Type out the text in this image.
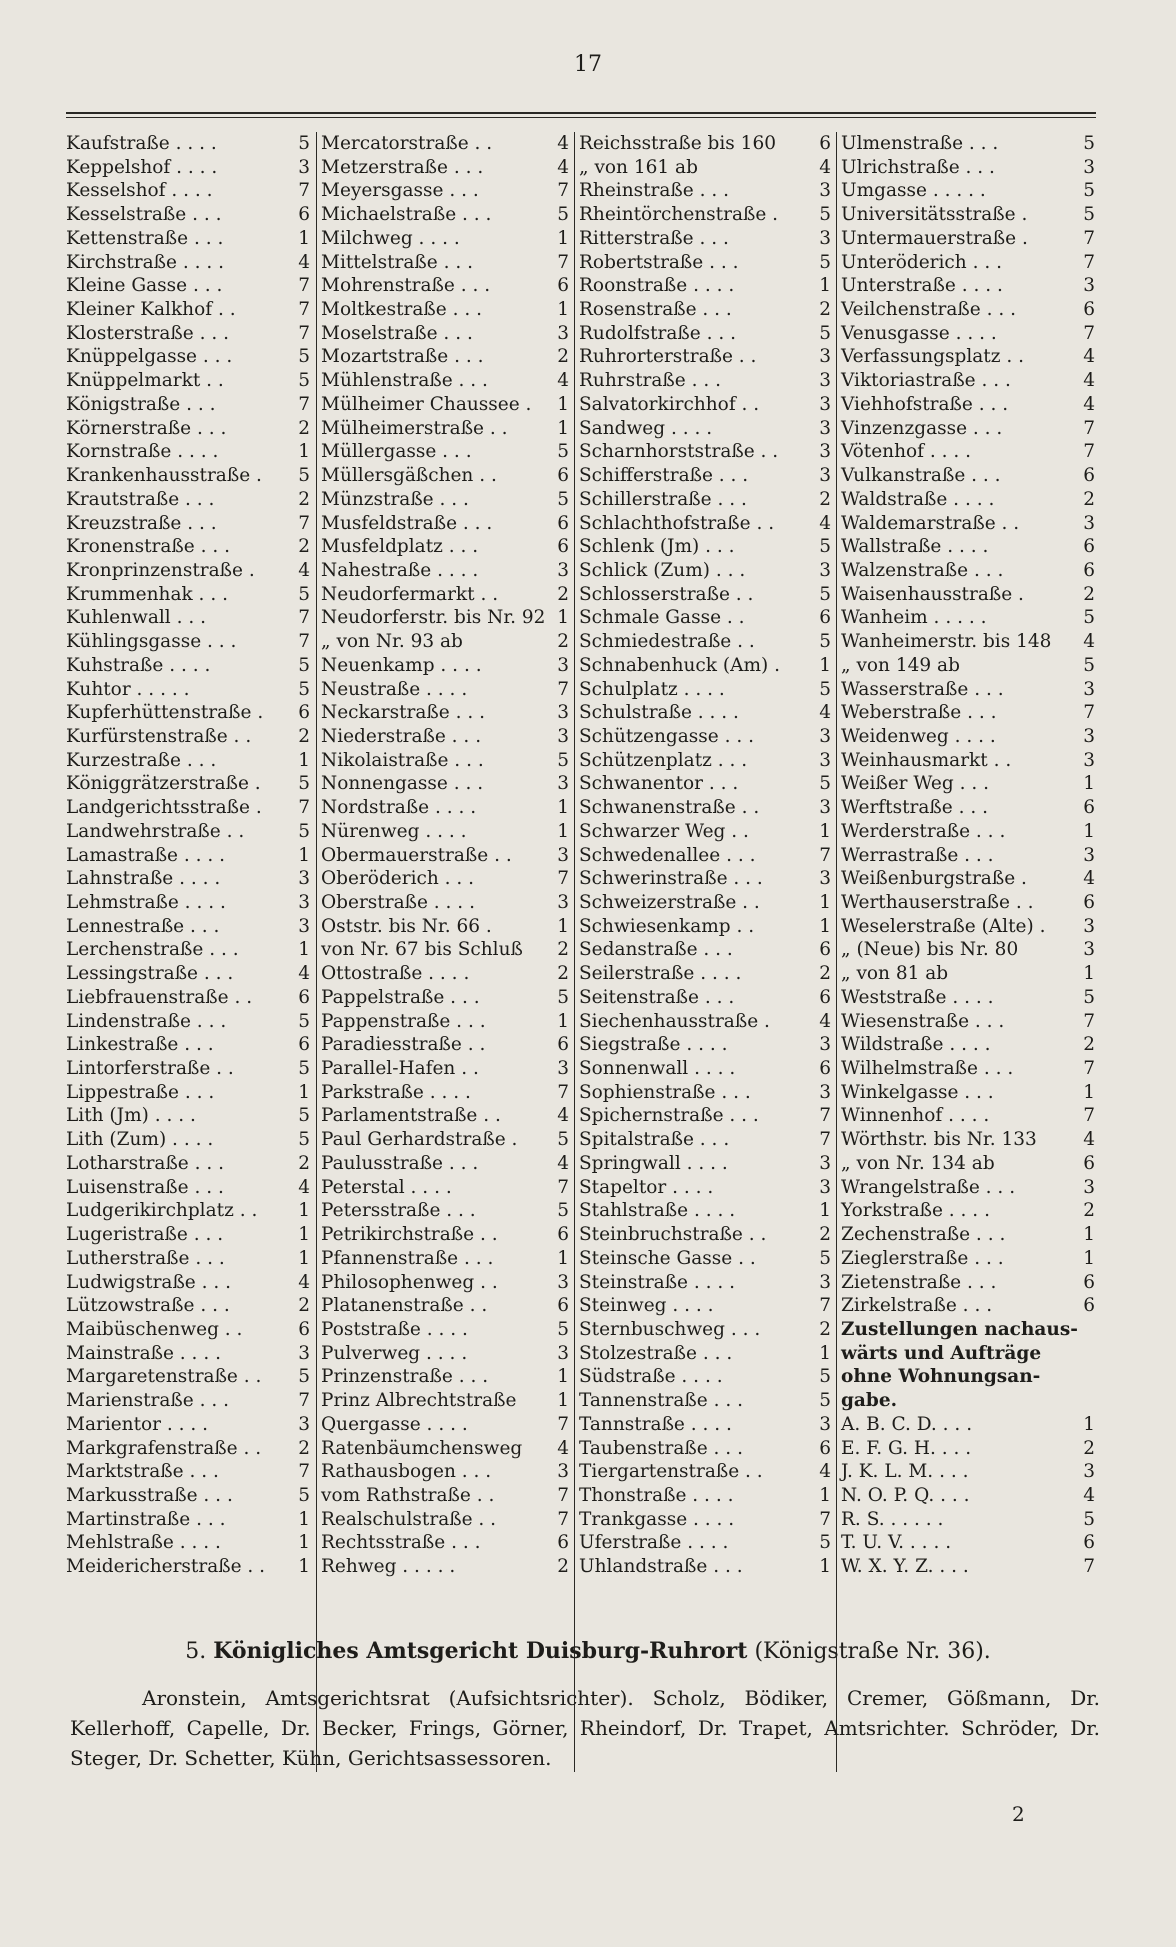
17
Kaufstraße . . . .	5
Keppelshof . . . .	3
Kesselshof . . . .	7
Kesselstraße . . .	6
Kettenstraße . . .	1
Kirchstraße . . . .	4
Kleine Gasse . . .	7
Kleiner Kalkhof . .	7
Klosterstraße . . .	7
Knüppelgasse . . .	5
Knüppelmarkt . .	5
Königstraße . . .	7
Körnerstraße . . .	2
Kornstraße . . . .	1
Krankenhausstraße . 5
Krautstraße . . .	2
Kreuzstraße . . .	7
Kronenstraße . . .	2
Kronprinzenstraße . 4
Krummenhak . . .	5
Kuhlenwall . . .	7
Kühlingsgasse . . .	7
Kuhstraße . . . .	5
Kuhtor . . . . .	5
Kupferhüttenstraße . 6
Kurfürstenstraße . .	2
Kurzestraße . . .	1
Königgrätzerstraße . 5
Landgerichtsstraße . 7
Landwehrstraße . .	5
Lamastraße . . . .	1
Lahnstraße . . . .	3
Lehmstraße . . . .	3
Lennestraße . . .	3
Lerchenstraße . . .	1
Lessingstraße . . .	4
Liebfrauenstraße . . 6
Lindenstraße . . .	5
Linkestraße . . .	6
Lintorferstraße . .	5
Lippestraße . . .	1
Lith (Jm) . . . .	5
Lith (Zum) . . . .	5
Lotharstraße . . .	2
Luisenstraße . . .	4
Ludgerikirchplatz . . 1
Lugeristraße . . .	1
Lutherstraße . . .	1
Ludwigstraße . . .	4
Lützowstraße . . .	2
Maibüschenweg . .	6
Mainstraße . . . .	3
Margaretenstraße . . 5
Marienstraße . . .	7
Marientor . . . .	3
Markgrafenstraße . . 2
Marktstraße . . .	7
Markusstraße . . .	5
Martinstraße . . .	1
Mehlstraße . . . .	1
Meidericherstraße . . 1
Mercatorstraße . .	4
Metzerstraße . . .	4
Meyersgasse . . .	7
Michaelstraße . . .	5
Milchweg . . . .	1
Mittelstraße . . .	7
Mohrenstraße . . .	6
Moltkestraße . . .	1
Moselstraße . . .	3
Mozartstraße . . .	2
Mühlenstraße . . .	4
Mülheimer Chaussee . 1
Mülheimerstraße . .	1
Müllergasse . . .	5
Müllersgäßchen . .	6
Münzstraße . . .	5
Musfeldstraße . . .	6
Musfeldplatz . . .	6
Nahestraße . . . .	3
Neudorfermarkt . .	2
Neudorferstr. bis Nr. 92 1
„ von Nr. 93 ab	2
Neuenkamp . . . .	3
Neustraße . . . .	7
Neckarstraße . . .	3
Niederstraße . . .	3
Nikolaistraße . . .	5
Nonnengasse . . .	3
Nordstraße . . . .	1
Nürenweg . . . .	1
Obermauerstraße . . 3
Oberöderich . . .	7
Oberstraße . . . .	3
Oststr. bis Nr. 66 .	1
von Nr. 67 bis Schluß 2
Ottostraße . . . .	2
Pappelstraße . . .	5
Pappenstraße . . .	1
Paradiesstraße . .	6
Parallel-Hafen . .	3
Parkstraße . . . .	7
Parlamentstraße . .	4
Paul Gerhardstraße . 5
Paulusstraße . . .	4
Peterstal . . . .	7
Petersstraße . . .	5
Petrikirchstraße . .	6
Pfannenstraße . . .	1
Philosophenweg . .	3
Platanenstraße . .	6
Poststraße . . . .	5
Pulverweg . . . .	3
Prinzenstraße . . .	1
Prinz Albrechtstraße 1
Quergasse . . . .	7
Ratenbäumchensweg 4
Rathausbogen . . .	3
vom Rathstraße . .	7
Realschulstraße . .	7
Rechtsstraße . . .	6
Rehweg . . . . .	2
Reichsstraße bis 160 6
„ von 161 ab	4
Rheinstraße . . .	3
Rheintörchenstraße . 5
Ritterstraße . . .	3
Robertstraße . . .	5
Roonstraße . . . .	1
Rosenstraße . . .	2
Rudolfstraße . . .	5
Ruhrorterstraße . .	3
Ruhrstraße . . .	3
Salvatorkirchhof . .	3
Sandweg . . . .	3
Scharnhorststraße . . 3
Schifferstraße . . .	3
Schillerstraße . . .	2
Schlachthofstraße . . 4
Schlenk (Jm) . . .	5
Schlick (Zum) . . .	3
Schlosserstraße . .	5
Schmale Gasse . .	6
Schmiedestraße . .	5
Schnabenhuck (Am) . 1
Schulplatz . . . .	5
Schulstraße . . . .	4
Schützengasse . . .	3
Schützenplatz . . .	3
Schwanentor . . .	5
Schwanenstraße . .	3
Schwarzer Weg . .	1
Schwedenallee . . .	7
Schwerinstraße . . .	3
Schweizerstraße . .	1
Schwiesenkamp . .	1
Sedanstraße . . .	6
Seilerstraße . . . .	2
Seitenstraße . . .	6
Siechenhausstraße .	4
Siegstraße . . . .	3
Sonnenwall . . . .	6
Sophienstraße . . .	3
Spichernstraße . . .	7
Spitalstraße . . .	7
Springwall . . . .	3
Stapeltor . . . .	3
Stahlstraße . . . .	1
Steinbruchstraße . .	2
Steinsche Gasse . .	5
Steinstraße . . . .	3
Steinweg . . . .	7
Sternbuschweg . . .	2
Stolzestraße . . .	1
Südstraße . . . .	5
Tannenstraße . . .	5
Tannstraße . . . .	3
Taubenstraße . . .	6
Tiergartenstraße . .	4
Thonstraße . . . .	1
Trankgasse . . . .	7
Uferstraße . . . .	5
Uhlandstraße . . .	1
Ulmenstraße . . .	5
Ulrichstraße . . .	3
Umgasse . . . . .	5
Universitätsstraße .	5
Untermauerstraße .	7
Unteröderich . . .	7
Unterstraße . . . .	3
Veilchenstraße . . .	6
Venusgasse . . . .	7
Verfassungsplatz . .	4
Viktoriastraße . . .	4
Viehhofstraße . . .	4
Vinzenzgasse . . .	7
Vötenhof . . . .	7
Vulkanstraße . . .	6
Waldstraße . . . .	2
Waldemarstraße . .	3
Wallstraße . . . .	6
Walzenstraße . . .	6
Waisenhausstraße .	2
Wanheim . . . . .	5
Wanheimerstr. bis 148 4
„ von 149 ab	5
Wasserstraße . . .	3
Weberstraße . . .	7
Weidenweg . . . .	3
Weinhausmarkt . .	3
Weißer Weg . . .	1
Werftstraße . . .	6
Werderstraße . . .	1
Werrastraße . . .	3
Weißenburgstraße .	4
Werthauserstraße . .	6
Weselerstraße (Alte) . 3
„ (Neue) bis Nr. 80	3
„ von 81 ab	1
Weststraße . . . .	5
Wiesenstraße . . .	7
Wildstraße . . . .	2
Wilhelmstraße . . .	7
Winkelgasse . . .	1
Winnenhof . . . .	7
Wörthstr. bis Nr. 133	4
„ von Nr. 134 ab	6
Wrangelstraße . . .	3
Yorkstraße . . . .	2
Zechenstraße . . .	1
Zieglerstraße . . .	1
Zietenstraße . . .	6
Zirkelstraße . . .	6
Zustellungen nachaus-
wärts und Aufträge
ohne Wohnungsan-
gabe.
A. B. C. D. . . .	1
E. F. G. H. . . .	2
J. K. L. M. . . .	3
N. O. P. Q. . . .	4
R. S. . . . . .	5
T. U. V. . . . .	6
W. X. Y. Z. . . .	7
5. Königliches Amtsgericht Duisburg-Ruhrort (Königstraße Nr. 36).
Aronstein, Amtsgerichtsrat (Aufsichtsrichter). Scholz, Bödiker, Cremer, Gößmann, Dr. Kellerhoff, Capelle, Dr. Becker, Frings, Görner, Rheindorf, Dr. Trapet, Amtsrichter. Schröder, Dr. Steger, Dr. Schetter, Kühn, Gerichtsassessoren.
2
